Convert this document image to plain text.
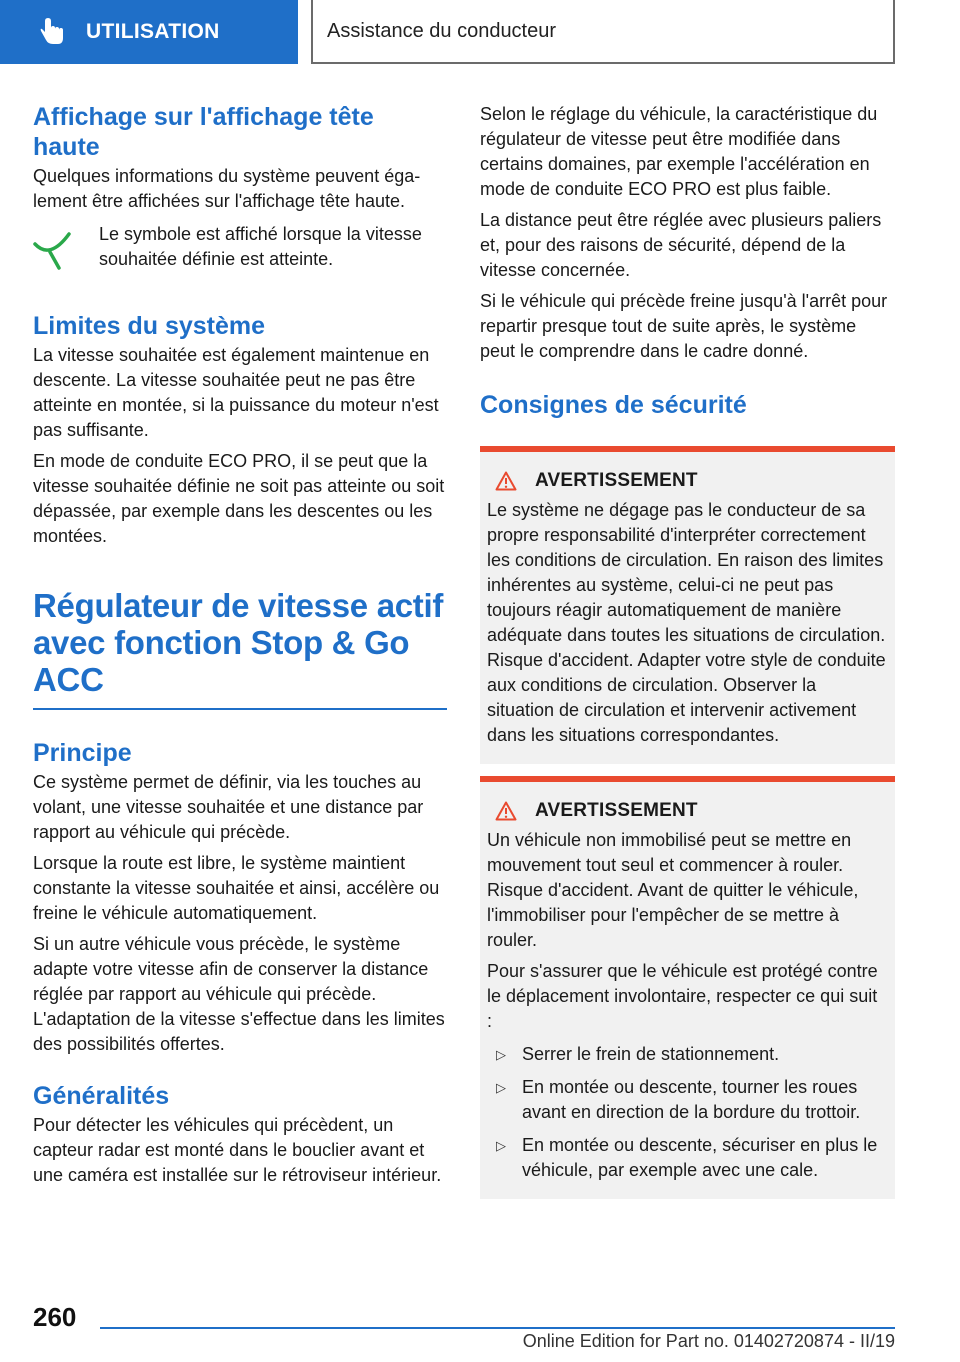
UTILISATION	Assistance du conducteur
Affichage sur l'affichage tête haute
Quelques informations du système peuvent également être affichées sur l'affichage tête haute.
Le symbole est affiché lorsque la vitesse souhaitée définie est atteinte.
Limites du système
La vitesse souhaitée est également maintenue en descente. La vitesse souhaitée peut ne pas être atteinte en montée, si la puissance du moteur n'est pas suffisante.
En mode de conduite ECO PRO, il se peut que la vitesse souhaitée définie ne soit pas atteinte ou soit dépassée, par exemple dans les descentes ou les montées.
Régulateur de vitesse actif avec fonction Stop & Go ACC
Principe
Ce système permet de définir, via les touches au volant, une vitesse souhaitée et une distance par rapport au véhicule qui précède.
Lorsque la route est libre, le système maintient constante la vitesse souhaitée et ainsi, accélère ou freine le véhicule automatiquement.
Si un autre véhicule vous précède, le système adapte votre vitesse afin de conserver la distance réglée par rapport au véhicule qui précède. L'adaptation de la vitesse s'effectue dans les limites des possibilités offertes.
Généralités
Pour détecter les véhicules qui précèdent, un capteur radar est monté dans le bouclier avant et une caméra est installée sur le rétroviseur intérieur.
Selon le réglage du véhicule, la caractéristique du régulateur de vitesse peut être modifiée dans certains domaines, par exemple l'accélération en mode de conduite ECO PRO est plus faible.
La distance peut être réglée avec plusieurs paliers et, pour des raisons de sécurité, dépend de la vitesse concernée.
Si le véhicule qui précède freine jusqu'à l'arrêt pour repartir presque tout de suite après, le système peut le comprendre dans le cadre donné.
Consignes de sécurité
AVERTISSEMENT
Le système ne dégage pas le conducteur de sa propre responsabilité d'interpréter correctement les conditions de circulation. En raison des limites inhérentes au système, celui-ci ne peut pas toujours réagir automatiquement de manière adéquate dans toutes les situations de circulation. Risque d'accident. Adapter votre style de conduite aux conditions de circulation. Observer la situation de circulation et intervenir activement dans les situations correspondantes.
AVERTISSEMENT
Un véhicule non immobilisé peut se mettre en mouvement tout seul et commencer à rouler. Risque d'accident. Avant de quitter le véhicule, l'immobiliser pour l'empêcher de se mettre à rouler.
Pour s'assurer que le véhicule est protégé contre le déplacement involontaire, respecter ce qui suit :
▷ Serrer le frein de stationnement.
▷ En montée ou descente, tourner les roues avant en direction de la bordure du trottoir.
▷ En montée ou descente, sécuriser en plus le véhicule, par exemple avec une cale.
260
Online Edition for Part no. 01402720874 - II/19
